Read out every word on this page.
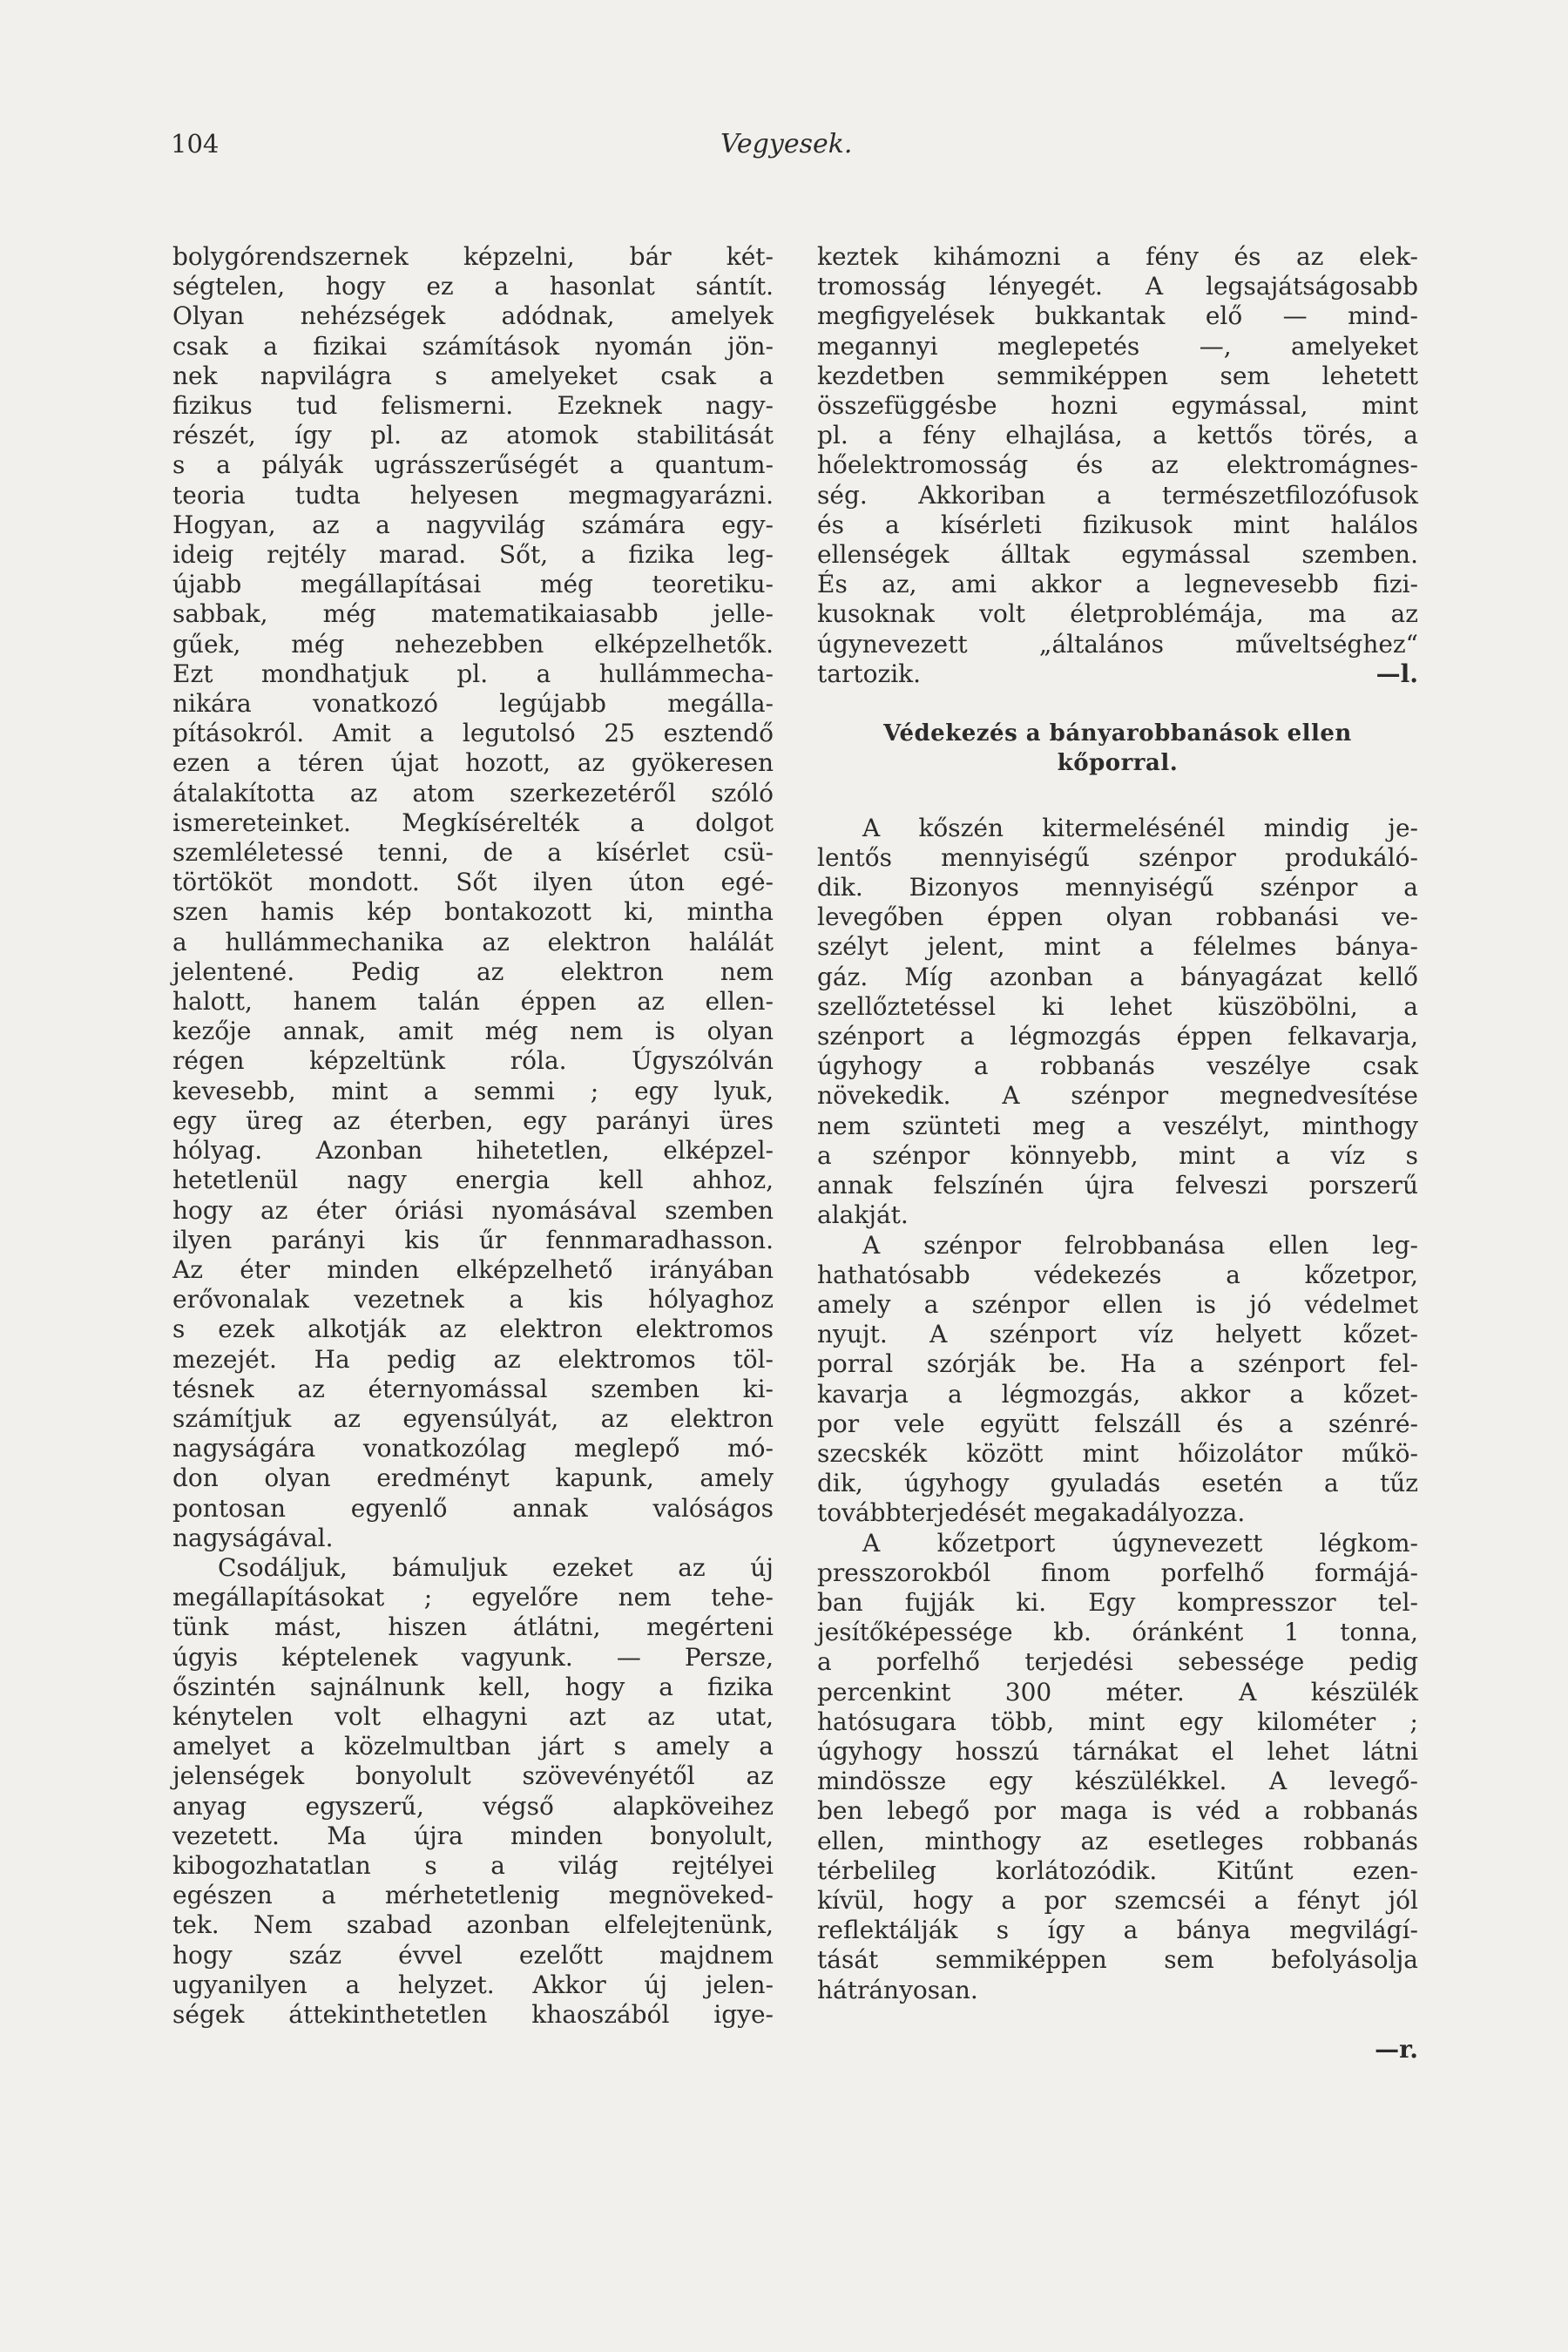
104	Vegyesek.
bolygórendszernek képzelni, bár két-
ségtelen, hogy ez a hasonlat sántít.
Olyan nehézségek adódnak, amelyek
csak a fizikai számítások nyomán jön-
nek napvilágra s amelyeket csak a
fizikus tud felismerni. Ezeknek nagy-
részét, így pl. az atomok stabilitását
s a pályák ugrásszerűségét a quantum-
teoria tudta helyesen megmagyarázni.
Hogyan, az a nagyvilág számára egy-
ideig rejtély marad. Sőt, a fizika leg-
újabb megállapításai még teoretiku-
sabbak, még matematikaiasabb jelle-
gűek, még nehezebben elképzelhetők.
Ezt mondhatjuk pl. a hullámmecha-
nikára vonatkozó legújabb megálla-
pításokról. Amit a legutolsó 25 esztendő
ezen a téren újat hozott, az gyökeresen
átalakította az atom szerkezetéről szóló
ismereteinket. Megkísérelték a dolgot
szemléletessé tenni, de a kísérlet csü-
törtököt mondott. Sőt ilyen úton egé-
szen hamis kép bontakozott ki, mintha
a hullámmechanika az elektron halálát
jelentené. Pedig az elektron nem
halott, hanem talán éppen az ellen-
kezője annak, amit még nem is olyan
régen képzeltünk róla. Úgyszólván
kevesebb, mint a semmi ; egy lyuk,
egy üreg az éterben, egy parányi üres
hólyag. Azonban hihetetlen, elképzel-
hetetlenül nagy energia kell ahhoz,
hogy az éter óriási nyomásával szemben
ilyen parányi kis űr fennmaradhasson.
Az éter minden elképzelhető irányában
erővonalak vezetnek a kis hólyaghoz
s ezek alkotják az elektron elektromos
mezejét. Ha pedig az elektromos töl-
tésnek az éternyomással szemben ki-
számítjuk az egyensúlyát, az elektron
nagyságára vonatkozólag meglepő mó-
don olyan eredményt kapunk, amely
pontosan egyenlő annak valóságos
nagyságával.
Csodáljuk, bámuljuk ezeket az új
megállapításokat ; egyelőre nem tehe-
tünk mást, hiszen átlátni, megérteni
úgyis képtelenek vagyunk. — Persze,
őszintén sajnálnunk kell, hogy a fizika
kénytelen volt elhagyni azt az utat,
amelyet a közelmultban járt s amely a
jelenségek bonyolult szövevényétől az
anyag egyszerű, végső alapköveihez
vezetett. Ma újra minden bonyolult,
kibogozhatatlan s a világ rejtélyei
egészen a mérhetetlenig megnöveked-
tek. Nem szabad azonban elfelejtenünk,
hogy száz évvel ezelőtt majdnem
ugyanilyen a helyzet. Akkor új jelen-
ségek áttekinthetetlen khaoszából igye-
keztek kihámozni a fény és az elek-
tromosság lényegét. A legsajátságosabb
megfigyelések bukkantak elő — mind-
megannyi meglepetés —, amelyeket
kezdetben semmiképpen sem lehetett
összefüggésbe hozni egymással, mint
pl. a fény elhajlása, a kettős törés, a
hőelektromosság és az elektromágnes-
ség. Akkoriban a természetfilozófusok
és a kísérleti fizikusok mint halálos
ellenségek álltak egymással szemben.
És az, ami akkor a legnevesebb fizi-
kusoknak volt életproblémája, ma az
úgynevezett „általános műveltséghez“
tartozik.	—l.
Védekezés a bányarobbanások ellen
kőporral.
A kőszén kitermelésénél mindig je-
lentős mennyiségű szénpor produkáló-
dik. Bizonyos mennyiségű szénpor a
levegőben éppen olyan robbanási ve-
szélyt jelent, mint a félelmes bánya-
gáz. Míg azonban a bányagázat kellő
szellőztetéssel ki lehet küszöbölni, a
szénport a légmozgás éppen felkavarja,
úgyhogy a robbanás veszélye csak
növekedik. A szénpor megnedvesítése
nem szünteti meg a veszélyt, minthogy
a szénpor könnyebb, mint a víz s
annak felszínén újra felveszi porszerű
alakját.
A szénpor felrobbanása ellen leg-
hathatósabb védekezés a kőzetpor,
amely a szénpor ellen is jó védelmet
nyujt. A szénport víz helyett kőzet-
porral szórják be. Ha a szénport fel-
kavarja a légmozgás, akkor a kőzet-
por vele együtt felszáll és a szénré-
szecskék között mint hőizolátor műkö-
dik, úgyhogy gyuladás esetén a tűz
továbbterjedését megakadályozza.
A kőzetport úgynevezett légkom-
presszorokból finom porfelhő formájá-
ban fujják ki. Egy kompresszor tel-
jesítőképessége kb. óránként 1 tonna,
a porfelhő terjedési sebessége pedig
percenkint 300 méter. A készülék
hatósugara több, mint egy kilométer ;
úgyhogy hosszú tárnákat el lehet látni
mindössze egy készülékkel. A levegő-
ben lebegő por maga is véd a robbanás
ellen, minthogy az esetleges robbanás
térbelileg korlátozódik. Kitűnt ezen-
kívül, hogy a por szemcséi a fényt jól
reflektálják s így a bánya megvilágí-
tását semmiképpen sem befolyásolja
hátrányosan.
—r.
